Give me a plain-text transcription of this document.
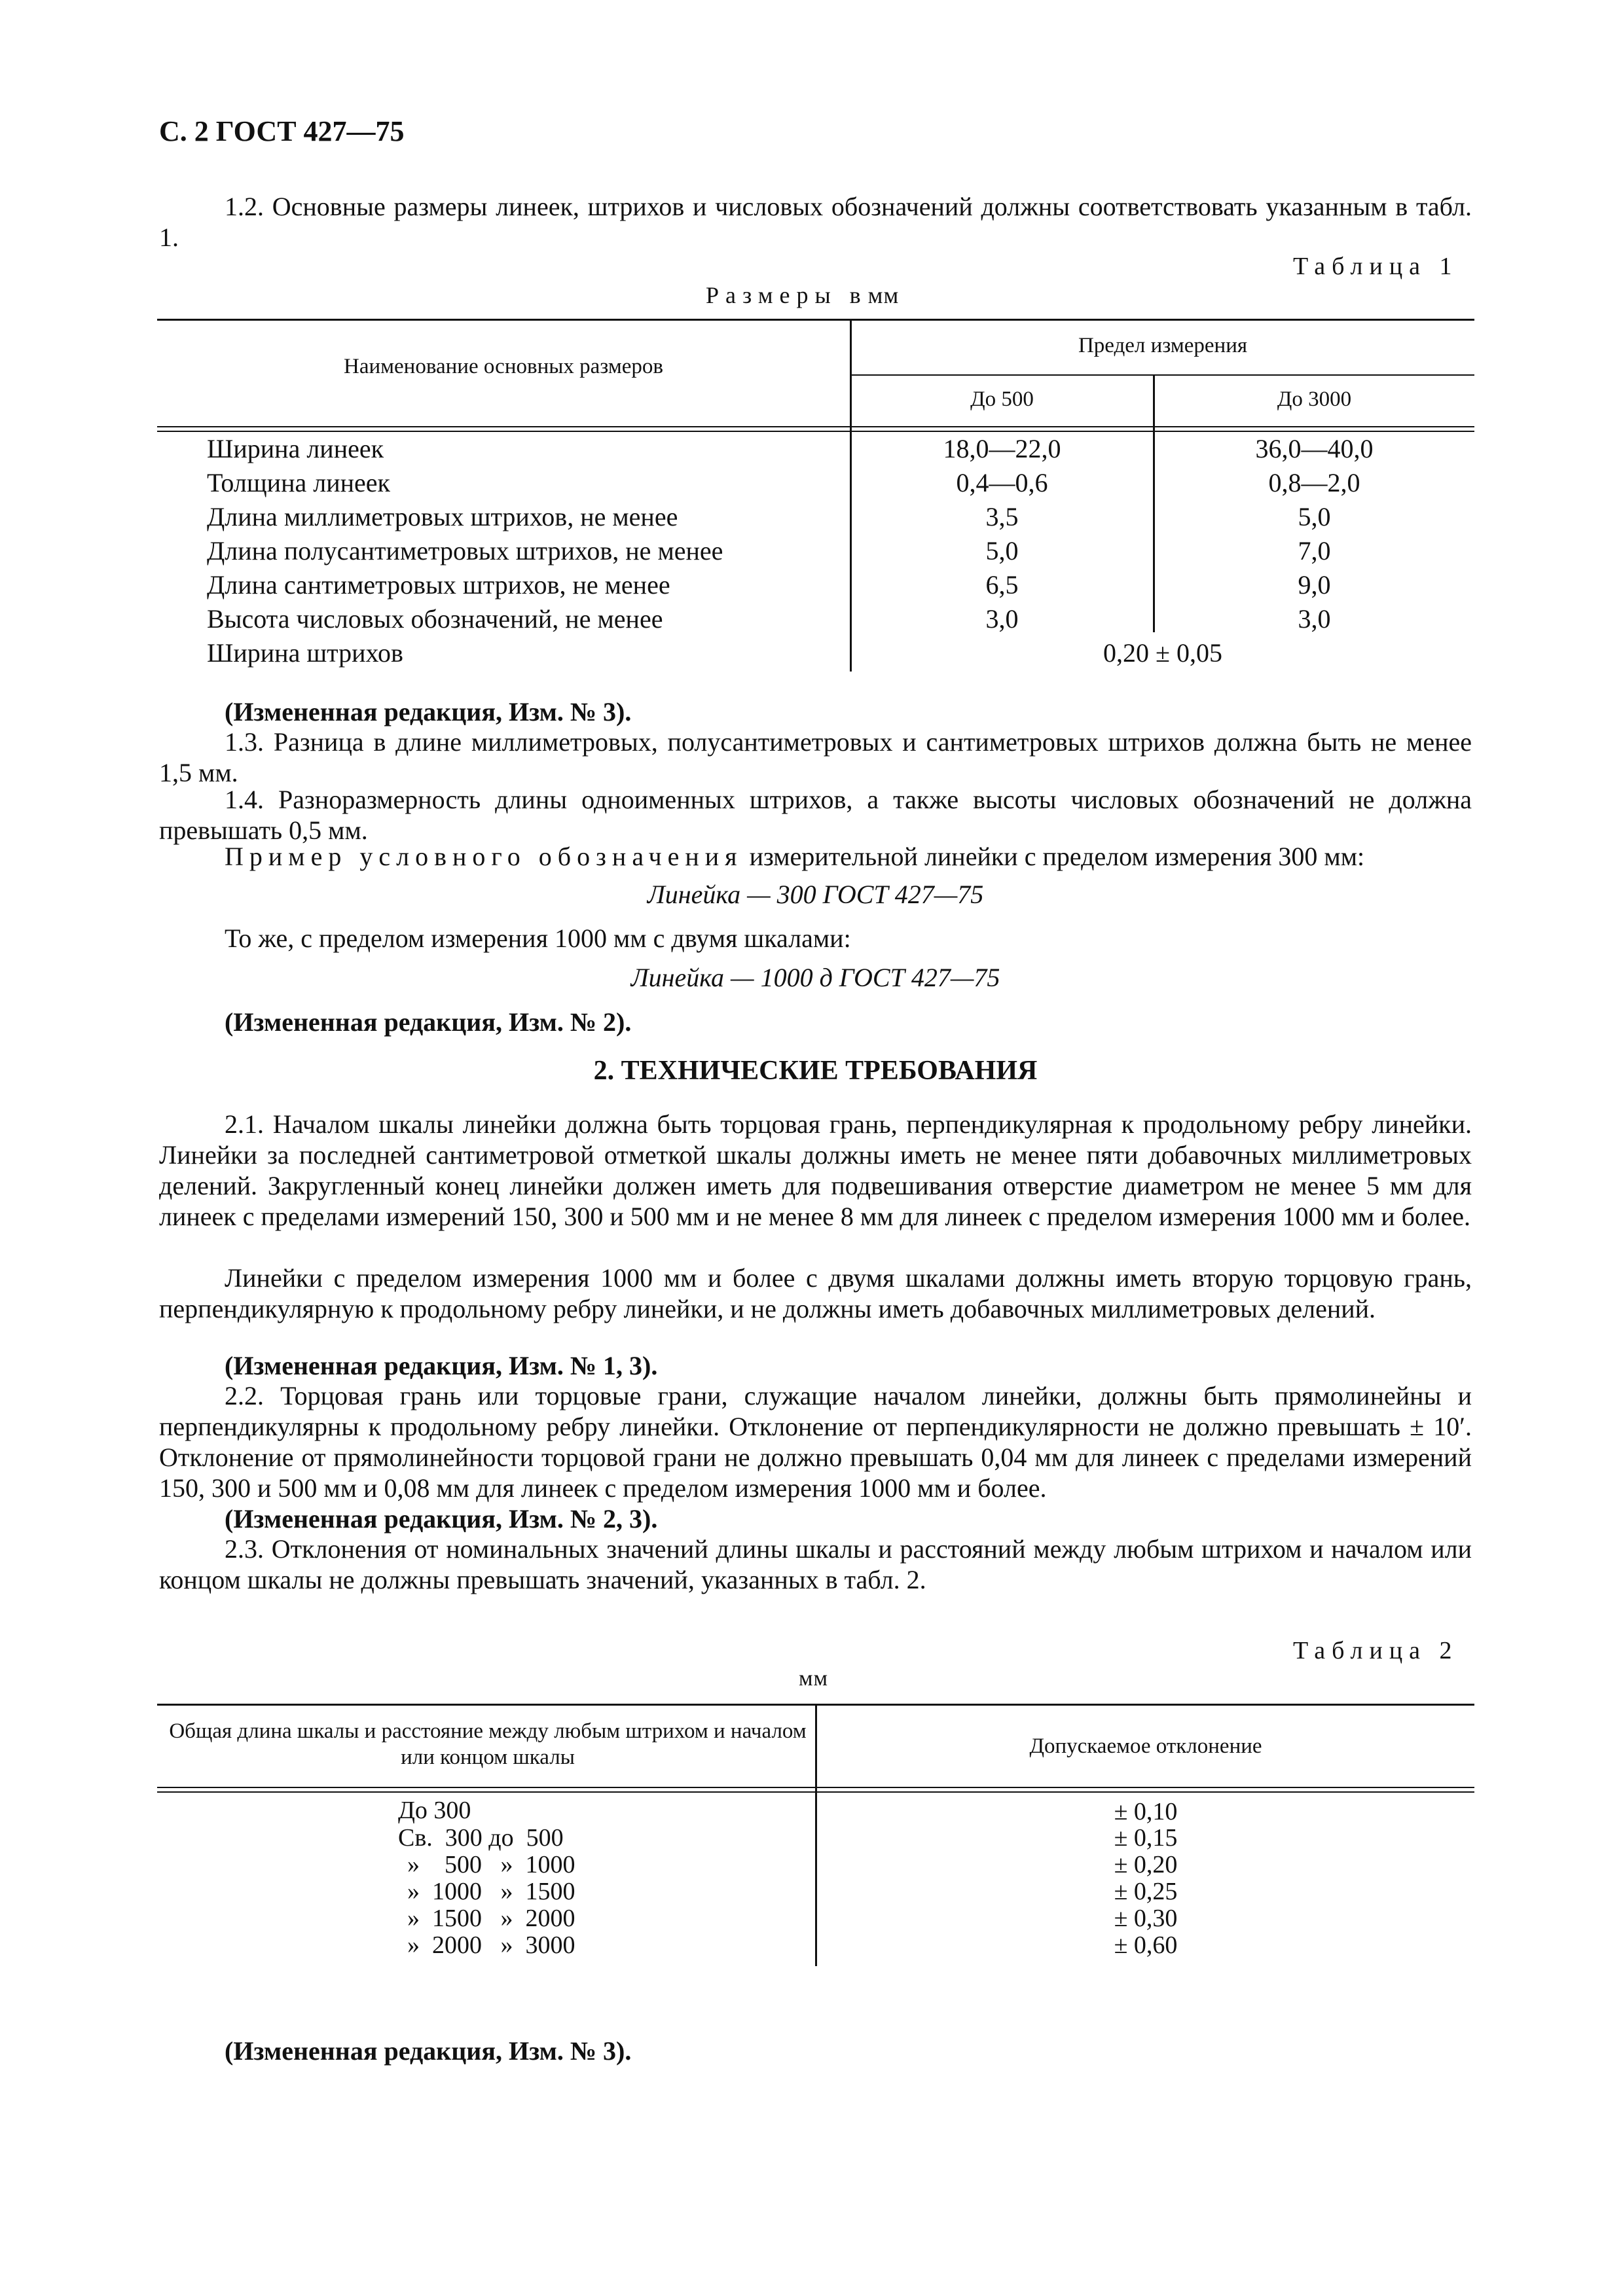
С. 2 ГОСТ 427—75
1.2. Основные размеры линеек, штрихов и числовых обозначений должны соответствовать указанным в табл. 1.
Таблица 1
Размеры в мм
Наименование основных размеров
Предел измерения
До 500	До 3000
Ширина линеек	18,0—22,0	36,0—40,0
Толщина линеек	0,4—0,6	0,8—2,0
Длина миллиметровых штрихов, не менее	3,5	5,0
Длина полусантиметровых штрихов, не менее	5,0	7,0
Длина сантиметровых штрихов, не менее	6,5	9,0
Высота числовых обозначений, не менее	3,0	3,0
Ширина штрихов	0,20 ± 0,05
(Измененная редакция, Изм. № 3).
1.3. Разница в длине миллиметровых, полусантиметровых и сантиметровых штрихов должна быть не менее 1,5 мм.
1.4. Разноразмерность длины одноименных штрихов, а также высоты числовых обозначений не должна превышать 0,5 мм.
Пример условного обозначения измерительной линейки с пределом измерения 300 мм:
Линейка — 300 ГОСТ 427—75
То же, с пределом измерения 1000 мм с двумя шкалами:
Линейка — 1000 д ГОСТ 427—75
(Измененная редакция, Изм. № 2).
2. ТЕХНИЧЕСКИЕ ТРЕБОВАНИЯ
2.1. Началом шкалы линейки должна быть торцовая грань, перпендикулярная к продольному ребру линейки. Линейки за последней сантиметровой отметкой шкалы должны иметь не менее пяти добавочных миллиметровых делений. Закругленный конец линейки должен иметь для подвешивания отверстие диаметром не менее 5 мм для линеек с пределами измерений 150, 300 и 500 мм и не менее 8 мм для линеек с пределом измерения 1000 мм и более.
Линейки с пределом измерения 1000 мм и более с двумя шкалами должны иметь вторую торцовую грань, перпендикулярную к продольному ребру линейки, и не должны иметь добавочных миллиметровых делений.
(Измененная редакция, Изм. № 1, 3).
2.2. Торцовая грань или торцовые грани, служащие началом линейки, должны быть прямолинейны и перпендикулярны к продольному ребру линейки. Отклонение от перпендикулярности не должно превышать ± 10′. Отклонение от прямолинейности торцовой грани не должно превышать 0,04 мм для линеек с пределами измерений 150, 300 и 500 мм и 0,08 мм для линеек с пределом измерения 1000 мм и более.
(Измененная редакция, Изм. № 2, 3).
2.3. Отклонения от номинальных значений длины шкалы и расстояний между любым штрихом и началом или концом шкалы не должны превышать значений, указанных в табл. 2.
Таблица 2
мм
Общая длина шкалы и расстояние между любым штрихом и началом или концом шкалы	Допускаемое отклонение
До 300	± 0,10
Св.  300 до  500	± 0,15
»    500   »  1000	± 0,20
»  1000   »  1500	± 0,25
»  1500   »  2000	± 0,30
»  2000   »  3000	± 0,60
(Измененная редакция, Изм. № 3).
